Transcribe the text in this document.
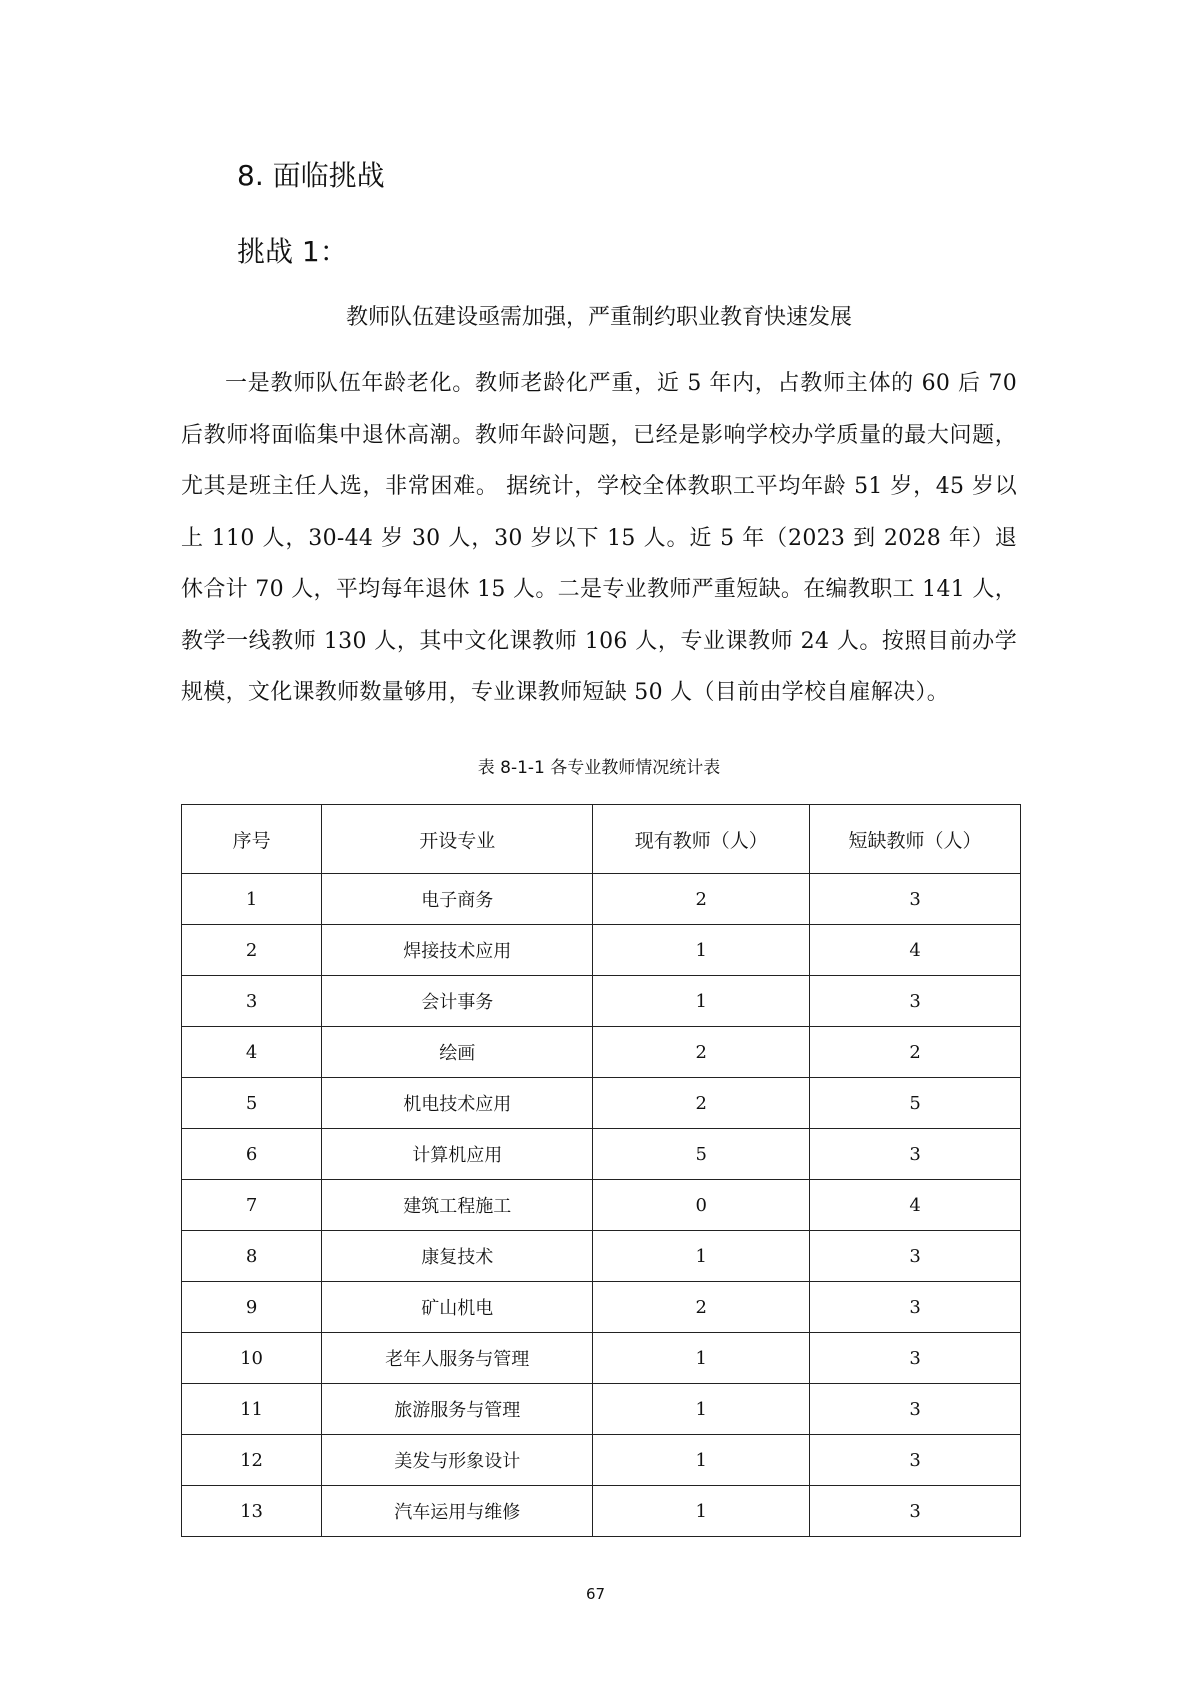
8. 面临挑战
挑战 1：
教师队伍建设亟需加强，严重制约职业教育快速发展

一是教师队伍年龄老化。教师老龄化严重，近 5 年内，占教师主体的 60 后 70 后教师将面临集中退休高潮。教师年龄问题，已经是影响学校办学质量的最大问题，尤其是班主任人选，非常困难。 据统计，学校全体教职工平均年龄 51 岁，45 岁以上 110 人，30-44 岁 30 人，30 岁以下 15 人。近 5 年（2023 到 2028 年）退休合计 70 人，平均每年退休 15 人。二是专业教师严重短缺。在编教职工 141 人，教学一线教师 130 人，其中文化课教师 106 人，专业课教师 24 人。按照目前办学规模，文化课教师数量够用，专业课教师短缺 50 人（目前由学校自雇解决）。

表 8-1-1 各专业教师情况统计表

序号	开设专业	现有教师（人）	短缺教师（人）
1	电子商务	2	3
2	焊接技术应用	1	4
3	会计事务	1	3
4	绘画	2	2
5	机电技术应用	2	5
6	计算机应用	5	3
7	建筑工程施工	0	4
8	康复技术	1	3
9	矿山机电	2	3
10	老年人服务与管理	1	3
11	旅游服务与管理	1	3
12	美发与形象设计	1	3
13	汽车运用与维修	1	3

67
